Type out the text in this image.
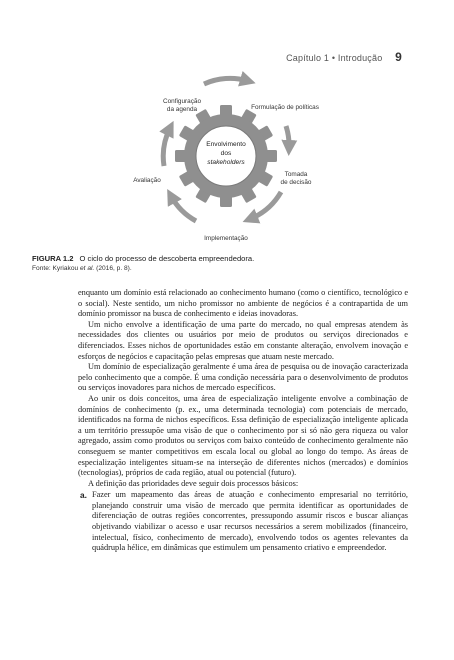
Capítulo 1 • Introdução 9
Envolvimento
dos
stakeholders
Configuração
da agenda	Formulação de políticas
Tomada
de decisão
Implementação
Avaliação
FIGURA 1.2 O ciclo do processo de descoberta empreendedora.
Fonte: Kyriakou et al. (2016, p. 8).

enquanto um domínio está relacionado ao conhecimento humano (como o científico, tecnológico e o social). Neste sentido, um nicho promissor no ambiente de negócios é a contrapartida de um domínio promissor na busca de conhecimento e ideias inovadoras.

Um nicho envolve a identificação de uma parte do mercado, no qual empresas atendem às necessidades dos clientes ou usuários por meio de produtos ou serviços direcionados e diferenciados. Esses nichos de oportunidades estão em constante alteração, envolvem inovação e esforços de negócios e capacitação pelas empresas que atuam neste mercado.

Um domínio de especialização geralmente é uma área de pesquisa ou de inovação caracterizada pelo conhecimento que a compõe. É uma condição necessária para o desenvolvimento de produtos ou serviços inovadores para nichos de mercado específicos.

Ao unir os dois conceitos, uma área de especialização inteligente envolve a combinação de domínios de conhecimento (p. ex., uma determinada tecnologia) com potenciais de mercado, identificados na forma de nichos específicos. Essa definição de especialização inteligente aplicada a um território pressupõe uma visão de que o conhecimento por si só não gera riqueza ou valor agregado, assim como produtos ou serviços com baixo conteúdo de conhecimento geralmente não conseguem se manter competitivos em escala local ou global ao longo do tempo. As áreas de especialização inteligentes situam-se na interseção de diferentes nichos (mercados) e domínios (tecnologias), próprios de cada região, atual ou potencial (futuro).

A definição das prioridades deve seguir dois processos básicos:

a. Fazer um mapeamento das áreas de atuação e conhecimento empresarial no território, planejando construir uma visão de mercado que permita identificar as oportunidades de diferenciação de outras regiões concorrentes, pressupondo assumir riscos e buscar alianças objetivando viabilizar o acesso e usar recursos necessários a serem mobilizados (financeiro, intelectual, físico, conhecimento de mercado), envolvendo todos os agentes relevantes da quádrupla hélice, em dinâmicas que estimulem um pensamento criativo e empreendedor.
